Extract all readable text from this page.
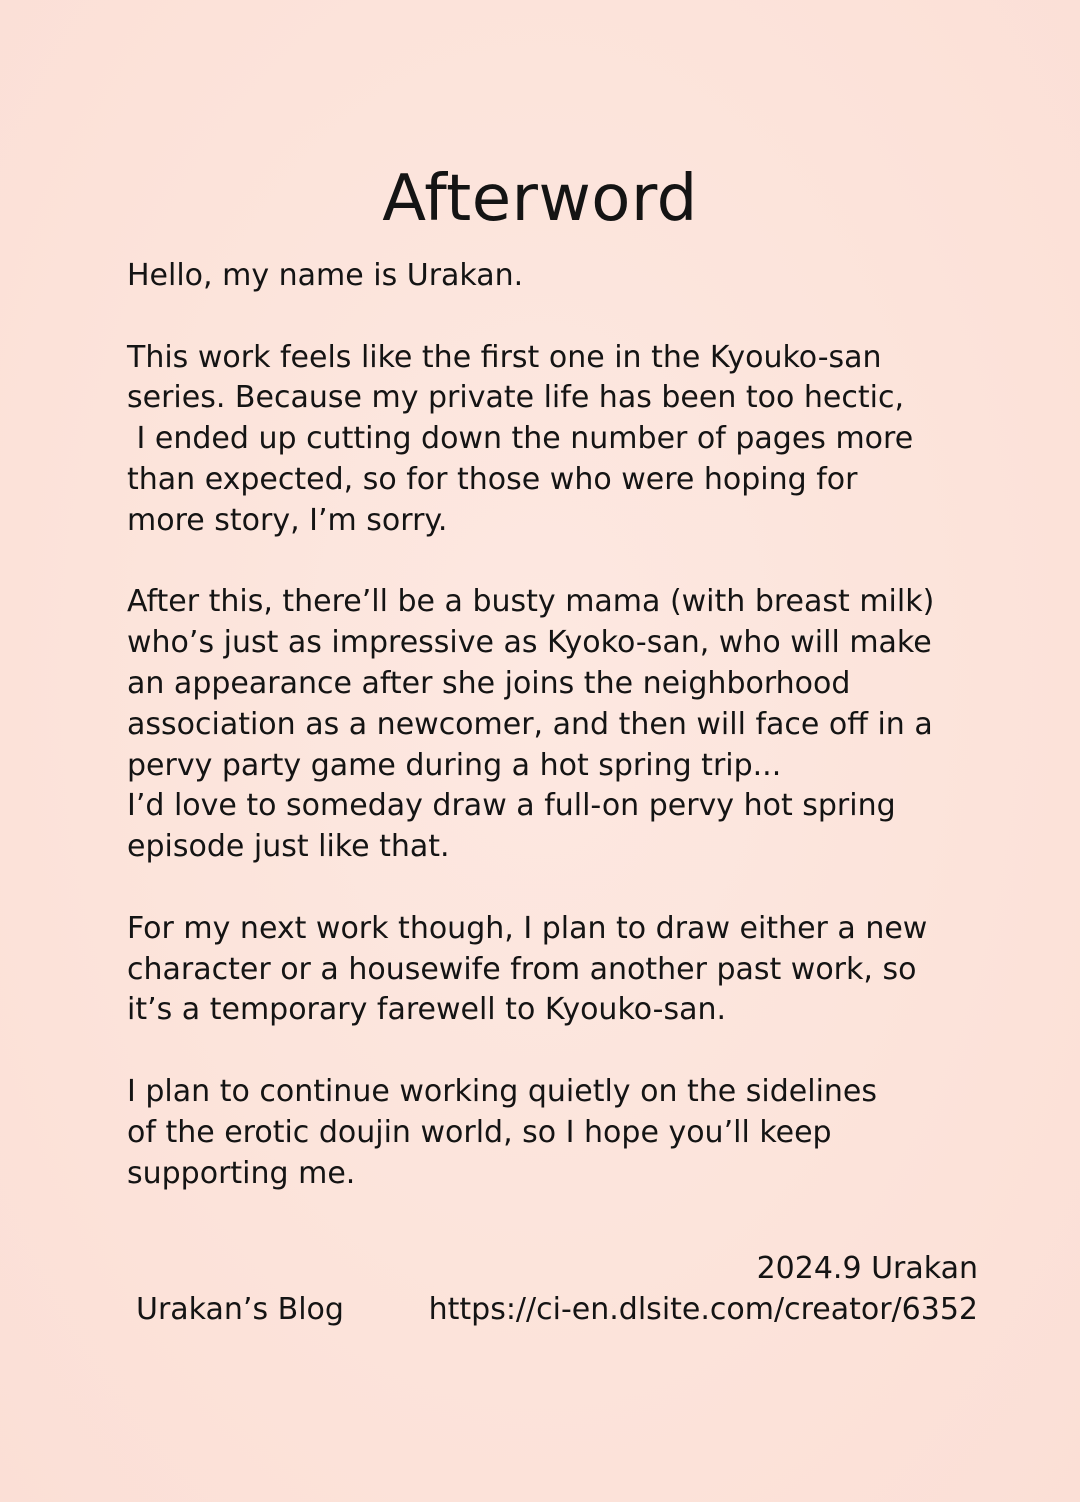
Afterword

Hello, my name is Urakan.

This work feels like the first one in the Kyouko-san
series. Because my private life has been too hectic,
I ended up cutting down the number of pages more
than expected, so for those who were hoping for
more story, I’m sorry.

After this, there’ll be a busty mama (with breast milk)
who’s just as impressive as Kyoko-san, who will make
an appearance after she joins the neighborhood
association as a newcomer, and then will face off in a
pervy party game during a hot spring trip...
I’d love to someday draw a full-on pervy hot spring
episode just like that.

For my next work though, I plan to draw either a new
character or a housewife from another past work, so
it’s a temporary farewell to Kyouko-san.

I plan to continue working quietly on the sidelines
of the erotic doujin world, so I hope you’ll keep
supporting me.

2024.9 Urakan
Urakan’s Blog	https://ci-en.dlsite.com/creator/6352
